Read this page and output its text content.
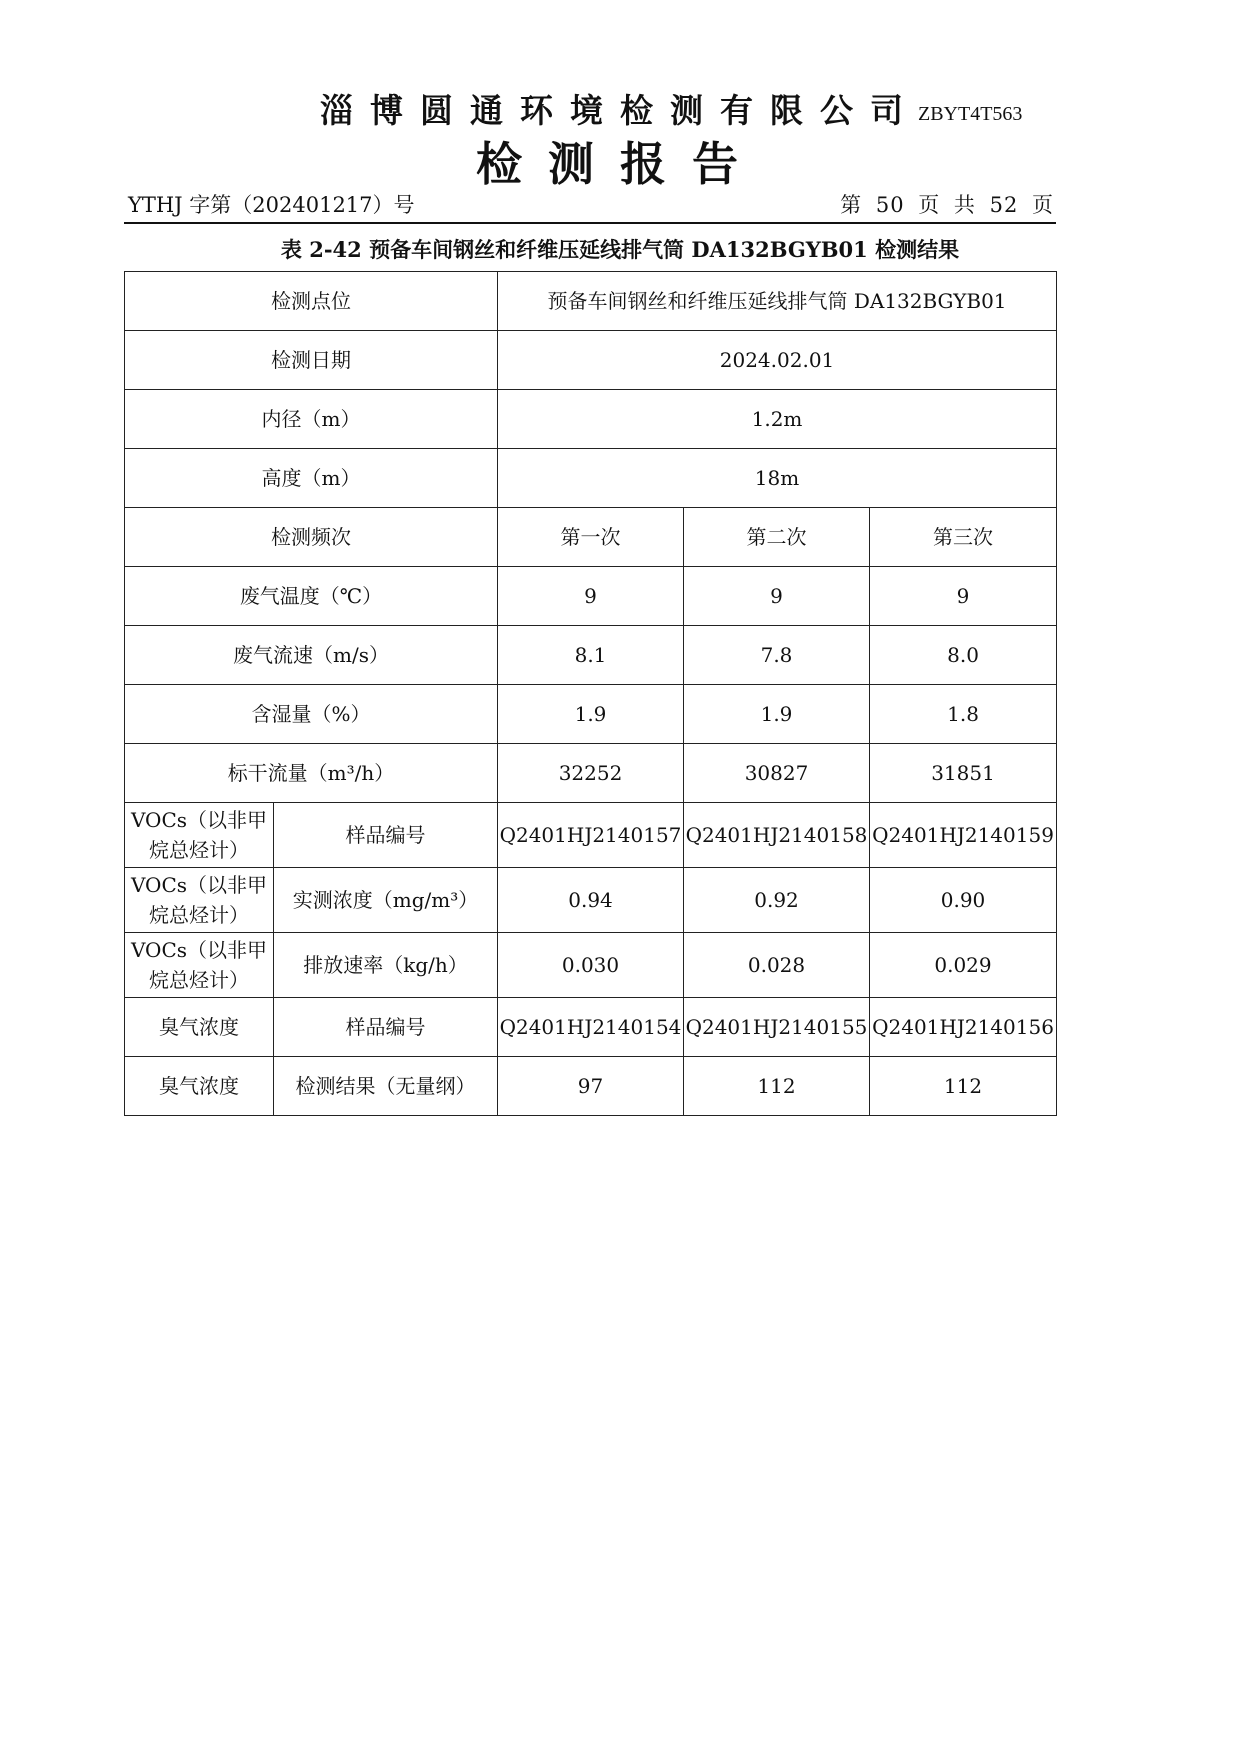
淄博圆通环境检测有限公司
ZBYT4T563
检测报告
YTHJ 字第（202401217）号	第 50 页 共 52 页
表 2-42 预备车间钢丝和纤维压延线排气筒 DA132BGYB01 检测结果
检测点位		预备车间钢丝和纤维压延线排气筒 DA132BGYB01		
检测日期		2024.02.01		
内径（m）		1.2m		
高度（m）		18m		
检测频次		第一次	第二次	第三次
废气温度（℃）		9	9	9
废气流速（m/s）		8.1	7.8	8.0
含湿量（%）		1.9	1.9	1.8
标干流量（m³/h）		32252	30827	31851
VOCs（以非甲烷总烃计）	样品编号	Q2401HJ2140157	Q2401HJ2140158	Q2401HJ2140159
VOCs（以非甲烷总烃计）	实测浓度（mg/m³）	0.94	0.92	0.90
VOCs（以非甲烷总烃计）	排放速率（kg/h）	0.030	0.028	0.029
臭气浓度	样品编号	Q2401HJ2140154	Q2401HJ2140155	Q2401HJ2140156
臭气浓度	检测结果（无量纲）	97	112	112
